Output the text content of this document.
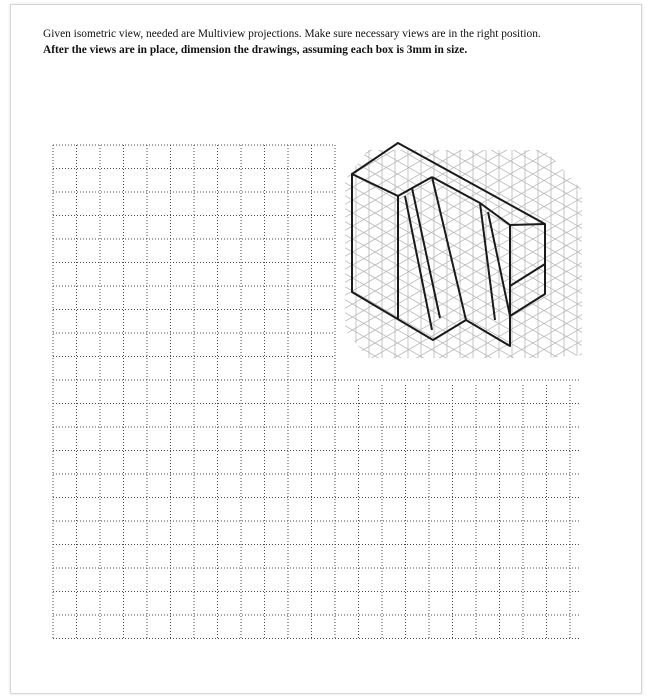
Given isometric view, needed are Multiview projections. Make sure necessary views are in the right position.

After the views are in place, dimension the drawings, assuming each box is 3mm in size.
